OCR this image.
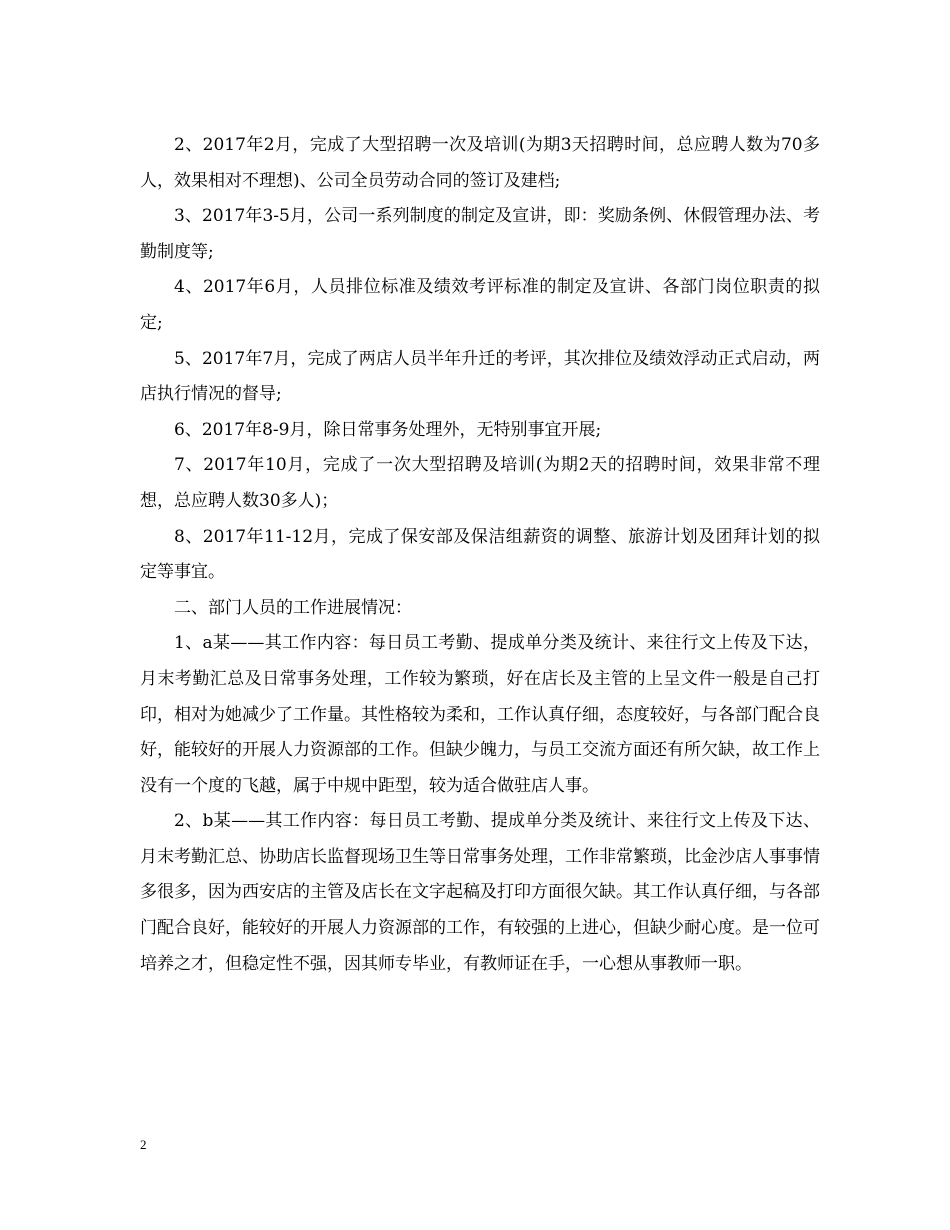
2、2017年2月，完成了大型招聘一次及培训(为期3天招聘时间，总应聘人数为70多人，效果相对不理想)、公司全员劳动合同的签订及建档;

3、2017年3-5月，公司一系列制度的制定及宣讲，即：奖励条例、休假管理办法、考勤制度等;

4、2017年6月，人员排位标准及绩效考评标准的制定及宣讲、各部门岗位职责的拟定;

5、2017年7月，完成了两店人员半年升迁的考评，其次排位及绩效浮动正式启动，两店执行情况的督导;

6、2017年8-9月，除日常事务处理外，无特别事宜开展;

7、2017年10月，完成了一次大型招聘及培训(为期2天的招聘时间，效果非常不理想，总应聘人数30多人)；

8、2017年11-12月，完成了保安部及保洁组薪资的调整、旅游计划及团拜计划的拟定等事宜。

二、部门人员的工作进展情况：

1、a某——其工作内容：每日员工考勤、提成单分类及统计、来往行文上传及下达，月末考勤汇总及日常事务处理，工作较为繁琐，好在店长及主管的上呈文件一般是自己打印，相对为她减少了工作量。其性格较为柔和，工作认真仔细，态度较好，与各部门配合良好，能较好的开展人力资源部的工作。但缺少魄力，与员工交流方面还有所欠缺，故工作上没有一个度的飞越，属于中规中距型，较为适合做驻店人事。

2、b某——其工作内容：每日员工考勤、提成单分类及统计、来往行文上传及下达、月末考勤汇总、协助店长监督现场卫生等日常事务处理，工作非常繁琐，比金沙店人事事情多很多，因为西安店的主管及店长在文字起稿及打印方面很欠缺。其工作认真仔细，与各部门配合良好，能较好的开展人力资源部的工作，有较强的上进心，但缺少耐心度。是一位可培养之才，但稳定性不强，因其师专毕业，有教师证在手，一心想从事教师一职。

2
